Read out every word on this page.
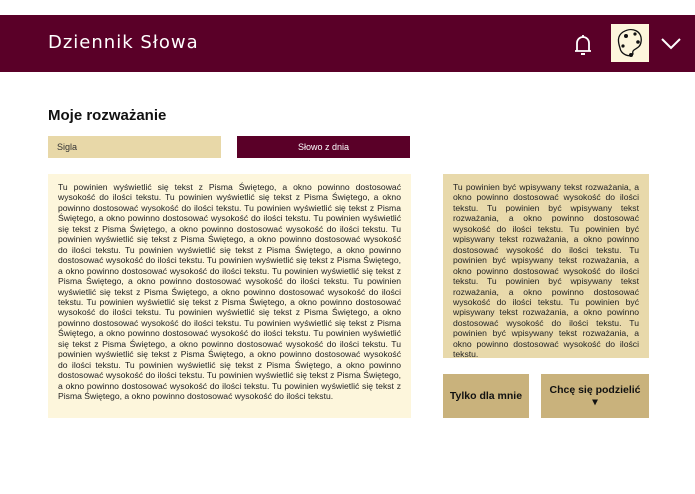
Dziennik Słowa
Moje rozważanie
Sigla	Słowo z dnia

Tu powinien wyświetlić się tekst z Pisma Świętego, a okno powinno dostosować wysokość do ilości tekstu. Tu powinien wyświetlić się tekst z Pisma Świętego, a okno powinno dostosować wysokość do ilości tekstu. Tu powinien wyświetlić się tekst z Pisma Świętego, a okno powinno dostosować wysokość do ilości tekstu. Tu powinien wyświetlić się tekst z Pisma Świętego, a okno powinno dostosować wysokość do ilości tekstu. Tu powinien wyświetlić się tekst z Pisma Świętego, a okno powinno dostosować wysokość do ilości tekstu. Tu powinien wyświetlić się tekst z Pisma Świętego, a okno powinno dostosować wysokość do ilości tekstu. Tu powinien wyświetlić się tekst z Pisma Świętego, a okno powinno dostosować wysokość do ilości tekstu. Tu powinien wyświetlić się tekst z Pisma Świętego, a okno powinno dostosować wysokość do ilości tekstu. Tu powinien wyświetlić się tekst z Pisma Świętego, a okno powinno dostosować wysokość do ilości tekstu. Tu powinien wyświetlić się tekst z Pisma Świętego, a okno powinno dostosować wysokość do ilości tekstu. Tu powinien wyświetlić się tekst z Pisma Świętego, a okno powinno dostosować wysokość do ilości tekstu. Tu powinien wyświetlić się tekst z Pisma Świętego, a okno powinno dostosować wysokość do ilości tekstu. Tu powinien wyświetlić się tekst z Pisma Świętego, a okno powinno dostosować wysokość do ilości tekstu. Tu powinien wyświetlić się tekst z Pisma Świętego, a okno powinno dostosować wysokość do ilości tekstu. Tu powinien wyświetlić się tekst z Pisma Świętego, a okno powinno dostosować wysokość do ilości tekstu. Tu powinien wyświetlić się tekst z Pisma Świętego, a okno powinno dostosować wysokość do ilości tekstu. Tu powinien wyświetlić się tekst z Pisma Świętego, a okno powinno dostosować wysokość do ilości tekstu.

Tu powinien być wpisywany tekst rozważania, a okno powinno dostosować wysokość do ilości tekstu. Tu powinien być wpisywany tekst rozważania, a okno powinno dostosować wysokość do ilości tekstu. Tu powinien być wpisywany tekst rozważania, a okno powinno dostosować wysokość do ilości tekstu. Tu powinien być wpisywany tekst rozważania, a okno powinno dostosować wysokość do ilości tekstu. Tu powinien być wpisywany tekst rozważania, a okno powinno dostosować wysokość do ilości tekstu. Tu powinien być wpisywany tekst rozważania, a okno powinno dostosować wysokość do ilości tekstu. Tu powinien być wpisywany tekst rozważania, a okno powinno dostosować wysokość do ilości tekstu.

Tylko dla mnie	Chcę się podzielić ▾
